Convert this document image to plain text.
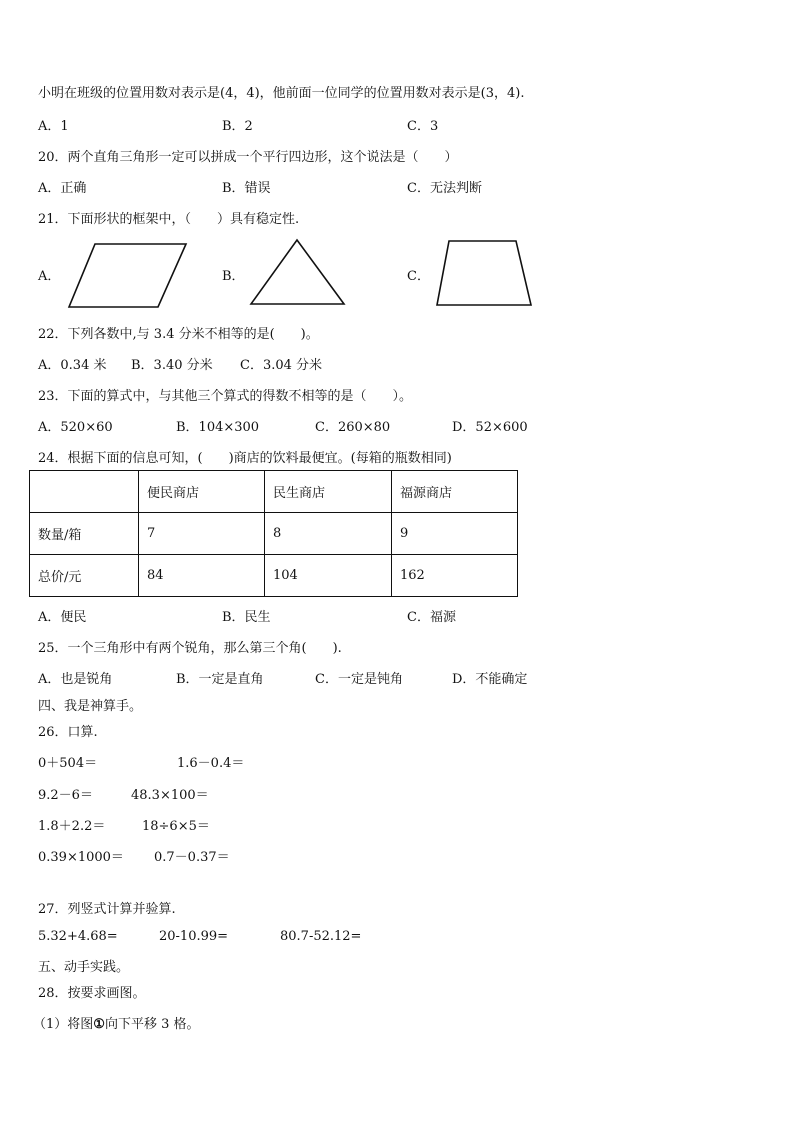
小明在班级的位置用数对表示是(4，4)，他前面一位同学的位置用数对表示是(3，4).
A．1	B．2	C．3
20．两个直角三角形一定可以拼成一个平行四边形，这个说法是（　　）
A．正确	B．错误	C．无法判断
21．下面形状的框架中，（　　）具有稳定性.
A．	B．	C．
22．下列各数中,与 3.4 分米不相等的是(　　)。
A．0.34 米 B．3.40 分米 C．3.04 分米
23．下面的算式中，与其他三个算式的得数不相等的是（　　）。
A．520×60	B．104×300	C．260×80	D．52×600
24．根据下面的信息可知，(　　)商店的饮料最便宜。(每箱的瓶数相同)
	便民商店	民生商店	福源商店
数量/箱	7	8	9
总价/元	84	104	162
A．便民	B．民生	C．福源
25．一个三角形中有两个锐角，那么第三个角(　　).
A．也是锐角	B．一定是直角	C．一定是钝角	D．不能确定
四、我是神算手。
26．口算.
0＋504＝	1.6－0.4＝
9.2－6＝	48.3×100＝
1.8＋2.2＝	18÷6×5＝
0.39×1000＝ 0.7－0.37＝
27．列竖式计算并验算.
5.32+4.68=	20-10.99=	80.7-52.12=
五、动手实践。
28．按要求画图。
（1）将图①向下平移 3 格。
